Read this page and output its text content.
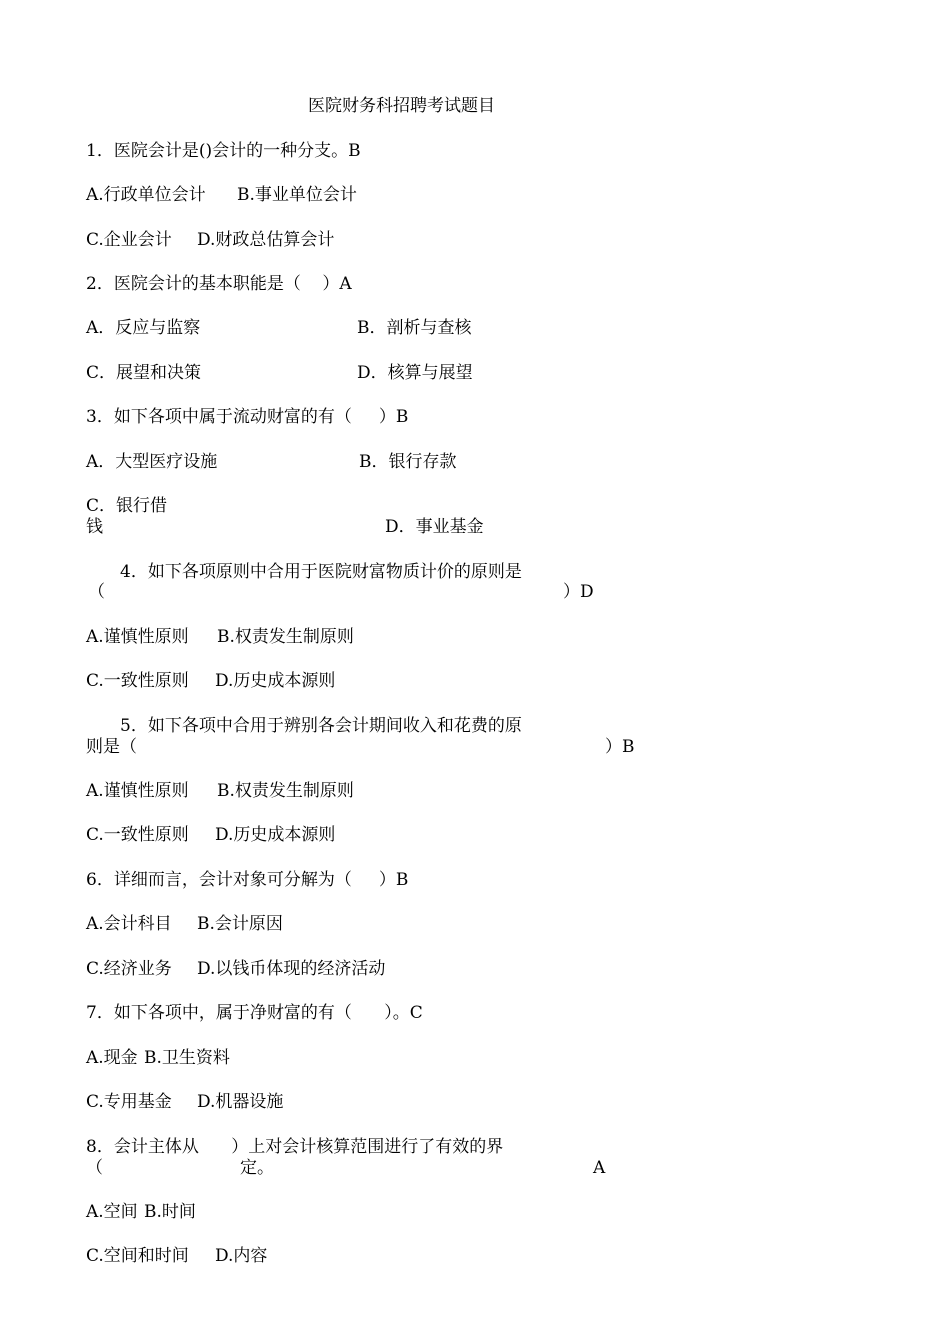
医院财务科招聘考试题目
1．医院会计是()会计的一种分支。B
A.行政单位会计 B.事业单位会计
C.企业会计 D.财政总估算会计
2．医院会计的基本职能是（    ）A
A．反应与监察	B．剖析与查核
C．展望和决策	D．核算与展望
3．如下各项中属于流动财富的有（     ）B
A．大型医疗设施	B．银行存款
C．银行借
钱	D．事业基金
4．如下各项原则中合用于医院财富物质计价的原则是
（	）D
A.谨慎性原则 B.权责发生制原则
C.一致性原则 D.历史成本源则
5．如下各项中合用于辨别各会计期间收入和花费的原
则是（	）B
A.谨慎性原则 B.权责发生制原则
C.一致性原则 D.历史成本源则
6．详细而言，会计对象可分解为（     ）B
A.会计科目 B.会计原因
C.经济业务 D.以钱币体现的经济活动
7．如下各项中，属于净财富的有（      ）。C
A.现金 B.卫生资料
C.专用基金 D.机器设施
8．会计主体从      ）上对会计核算范围进行了有效的界
（	定。	A
A.空间 B.时间
C.空间和时间 D.内容
